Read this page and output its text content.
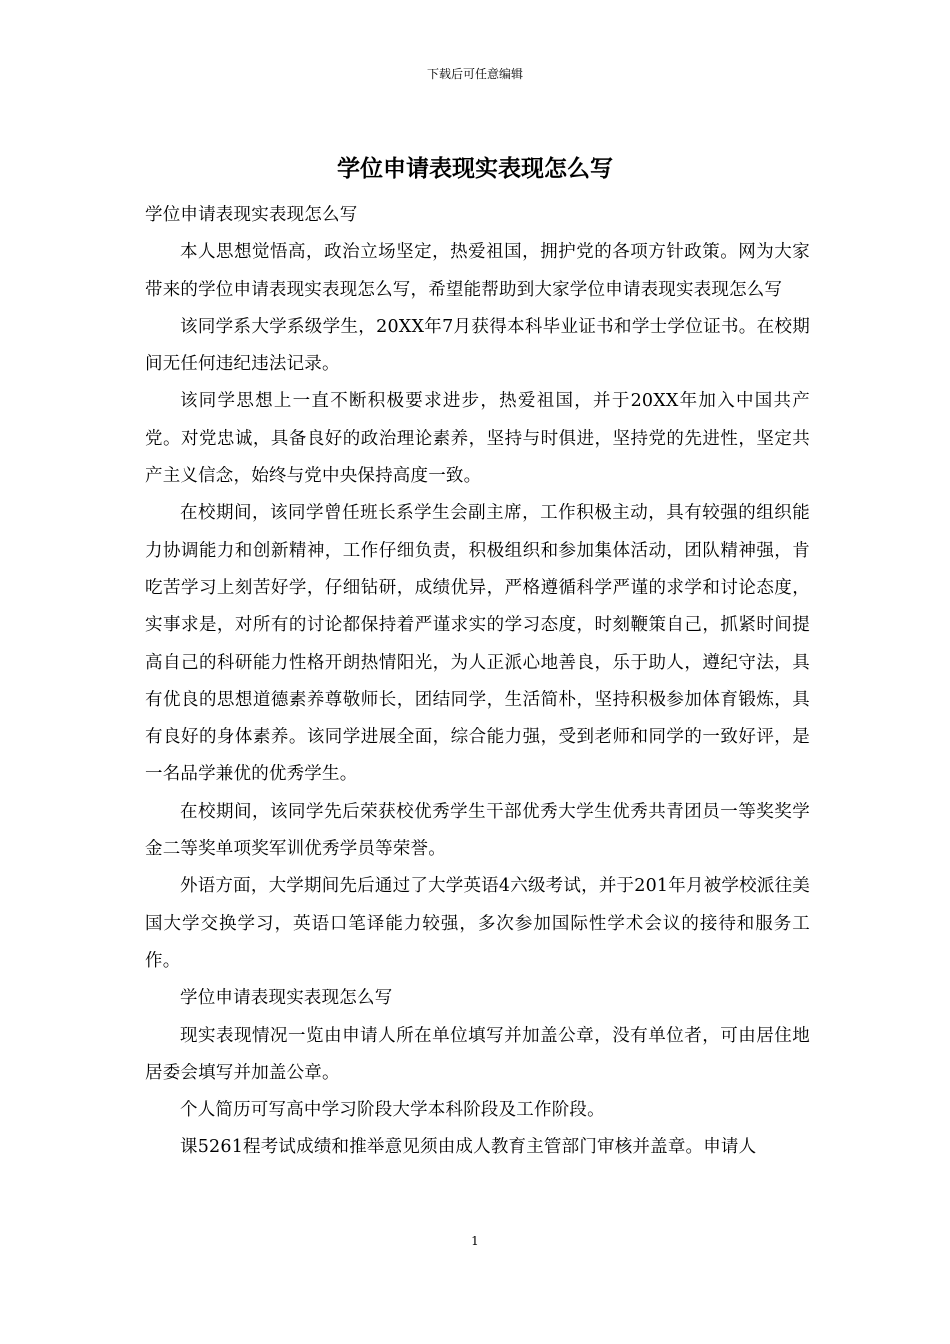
下载后可任意编辑
学位申请表现实表现怎么写

学位申请表现实表现怎么写

本人思想觉悟高，政治立场坚定，热爱祖国，拥护党的各项方针政策。网为大家带来的学位申请表现实表现怎么写，希望能帮助到大家学位申请表现实表现怎么写

该同学系大学系级学生，20XX年7月获得本科毕业证书和学士学位证书。在校期间无任何违纪违法记录。

该同学思想上一直不断积极要求进步，热爱祖国，并于20XX年加入中国共产党。对党忠诚，具备良好的政治理论素养，坚持与时俱进，坚持党的先进性，坚定共产主义信念，始终与党中央保持高度一致。

在校期间，该同学曾任班长系学生会副主席，工作积极主动，具有较强的组织能力协调能力和创新精神，工作仔细负责，积极组织和参加集体活动，团队精神强，肯吃苦学习上刻苦好学，仔细钻研，成绩优异，严格遵循科学严谨的求学和讨论态度，实事求是，对所有的讨论都保持着严谨求实的学习态度，时刻鞭策自己，抓紧时间提高自己的科研能力性格开朗热情阳光，为人正派心地善良，乐于助人，遵纪守法，具有优良的思想道德素养尊敬师长，团结同学，生活简朴，坚持积极参加体育锻炼，具有良好的身体素养。该同学进展全面，综合能力强，受到老师和同学的一致好评，是一名品学兼优的优秀学生。

在校期间，该同学先后荣获校优秀学生干部优秀大学生优秀共青团员一等奖奖学金二等奖单项奖军训优秀学员等荣誉。

外语方面，大学期间先后通过了大学英语4六级考试，并于201年月被学校派往美国大学交换学习，英语口笔译能力较强，多次参加国际性学术会议的接待和服务工作。

学位申请表现实表现怎么写

现实表现情况一览由申请人所在单位填写并加盖公章，没有单位者，可由居住地居委会填写并加盖公章。

个人简历可写高中学习阶段大学本科阶段及工作阶段。

课5261程考试成绩和推举意见须由成人教育主管部门审核并盖章。申请人

1
